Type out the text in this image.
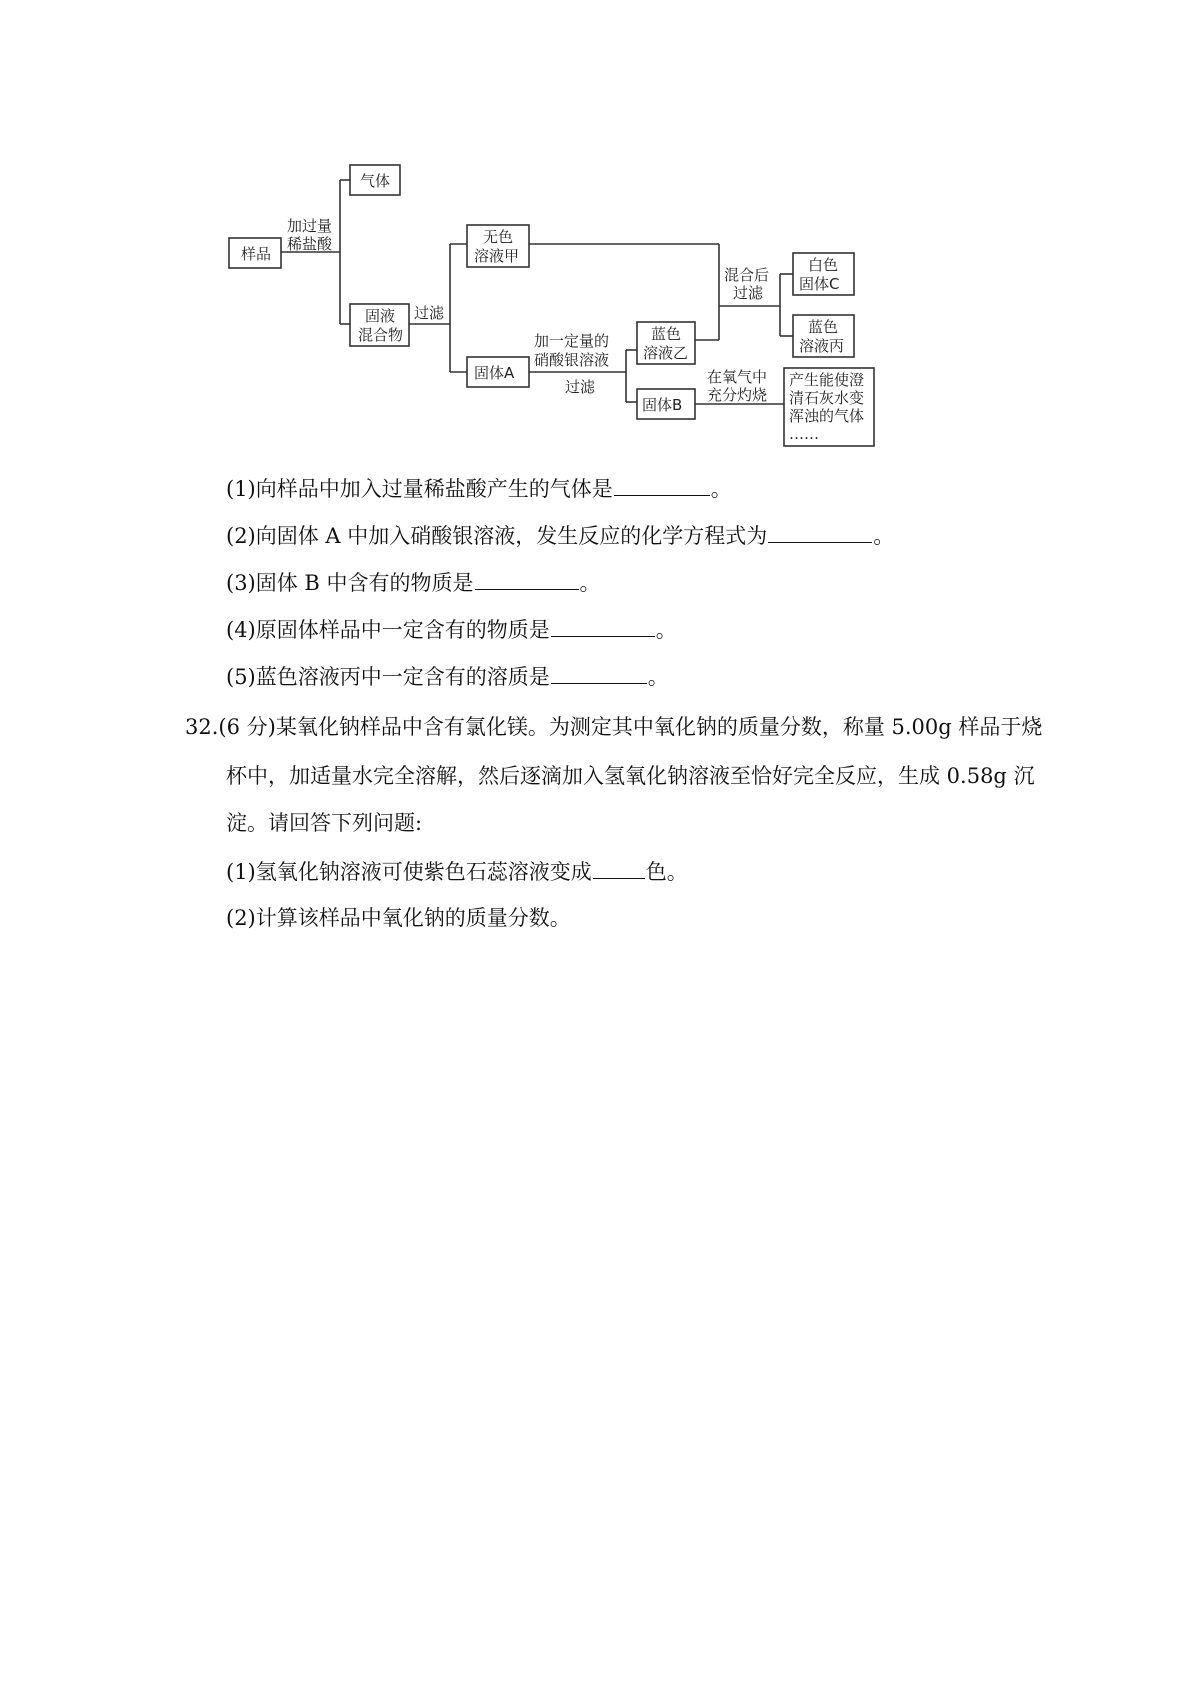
样品
气体
固液
混合物
无色
溶液甲
固体A
蓝色
溶液乙
固体B
白色
固体C
蓝色
溶液丙
产生能使澄
清石灰水变
浑浊的气体
……
加过量
稀盐酸
过滤
加一定量的
硝酸银溶液
过滤
混合后
过滤
在氧气中
充分灼烧
(1)向样品中加入过量稀盐酸产生的气体是	。
(2)向固体 A 中加入硝酸银溶液，发生反应的化学方程式为	。
(3)固体 B 中含有的物质是	。
(4)原固体样品中一定含有的物质是	。
(5)蓝色溶液丙中一定含有的溶质是	。
32.(6 分)某氧化钠样品中含有氯化镁。为测定其中氧化钠的质量分数，称量 5.00g 样品于烧
杯中，加适量水完全溶解，然后逐滴加入氢氧化钠溶液至恰好完全反应，生成 0.58g 沉
淀。请回答下列问题:
(1)氢氧化钠溶液可使紫色石蕊溶液变成	色。
(2)计算该样品中氧化钠的质量分数。
